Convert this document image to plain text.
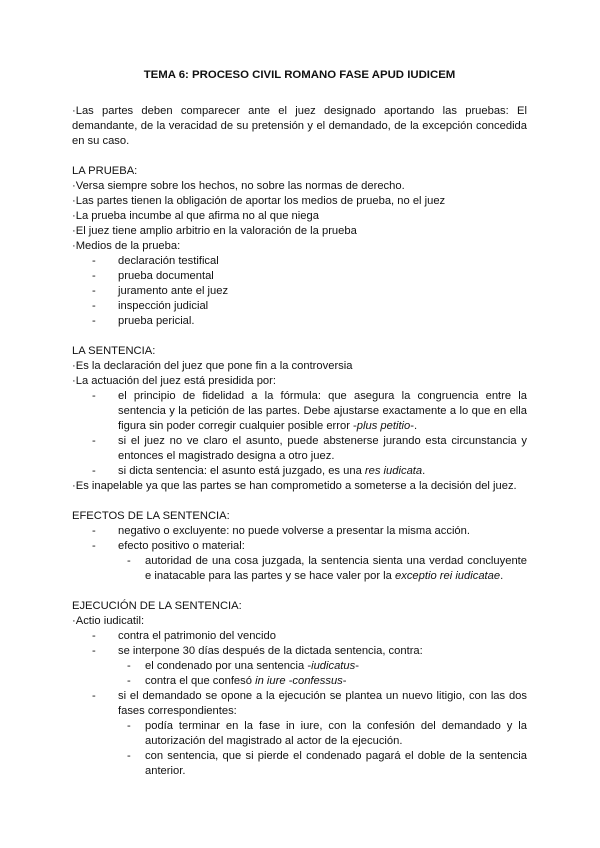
TEMA 6: PROCESO CIVIL ROMANO FASE APUD IUDICEM

·Las partes deben comparecer ante el juez designado aportando las pruebas: El demandante, de la veracidad de su pretensión y el demandado, de la excepción concedida en su caso.

LA PRUEBA:

·Versa siempre sobre los hechos, no sobre las normas de derecho.

·Las partes tienen la obligación de aportar los medios de prueba, no el juez

·La prueba incumbe al que afirma no al que niega

·El juez tiene amplio arbitrio en la valoración de la prueba

·Medios de la prueba:

- declaración testifical
- prueba documental
- juramento ante el juez
- inspección judicial
- prueba pericial.

LA SENTENCIA:

·Es la declaración del juez que pone fin a la controversia

·La actuación del juez está presidida por:

- el principio de fidelidad a la fórmula: que asegura la congruencia entre la sentencia y la petición de las partes. Debe ajustarse exactamente a lo que en ella figura sin poder corregir cualquier posible error -plus petitio-.
- si el juez no ve claro el asunto, puede abstenerse jurando esta circunstancia y entonces el magistrado designa a otro juez.
- si dicta sentencia: el asunto está juzgado, es una res iudicata.

·Es inapelable ya que las partes se han comprometido a someterse a la decisión del juez.

EFECTOS DE LA SENTENCIA:

- negativo o excluyente: no puede volverse a presentar la misma acción.
- efecto positivo o material:
- autoridad de una cosa juzgada, la sentencia sienta una verdad concluyente e inatacable para las partes y se hace valer por la exceptio rei iudicatae.

EJECUCIÓN DE LA SENTENCIA:

·Actio iudicatil:

- contra el patrimonio del vencido
- se interpone 30 días después de la dictada sentencia, contra:
- el condenado por una sentencia -iudicatus-
- contra el que confesó in iure -confessus-
- si el demandado se opone a la ejecución se plantea un nuevo litigio, con las dos fases correspondientes:
- podía terminar en la fase in iure, con la confesión del demandado y la autorización del magistrado al actor de la ejecución.
- con sentencia, que si pierde el condenado pagará el doble de la sentencia anterior.
